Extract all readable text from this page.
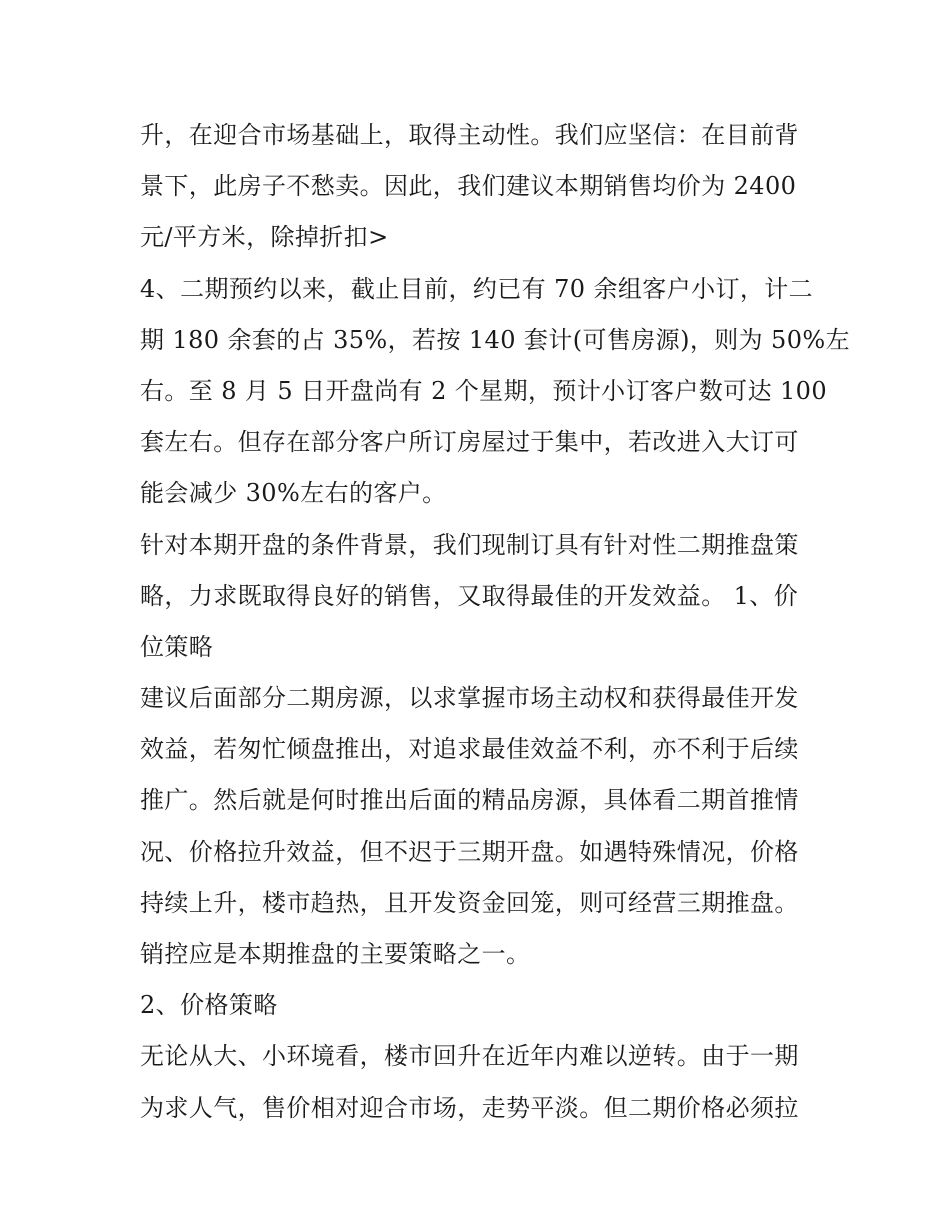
升，在迎合市场基础上，取得主动性。我们应坚信：在目前背
景下，此房子不愁卖。因此，我们建议本期销售均价为 2400
元/平方米，除掉折扣>
4、二期预约以来，截止目前，约已有 70 余组客户小订，计二
期 180 余套的占 35%，若按 140 套计(可售房源)，则为 50%左
右。至 8 月 5 日开盘尚有 2 个星期，预计小订客户数可达 100
套左右。但存在部分客户所订房屋过于集中，若改进入大订可
能会减少 30%左右的客户。
针对本期开盘的条件背景，我们现制订具有针对性二期推盘策
略，力求既取得良好的销售，又取得最佳的开发效益。 1、价
位策略
建议后面部分二期房源，以求掌握市场主动权和获得最佳开发
效益，若匆忙倾盘推出，对追求最佳效益不利，亦不利于后续
推广。然后就是何时推出后面的精品房源，具体看二期首推情
况、价格拉升效益，但不迟于三期开盘。如遇特殊情况，价格
持续上升，楼市趋热，且开发资金回笼，则可经营三期推盘。
销控应是本期推盘的主要策略之一。
2、价格策略
无论从大、小环境看，楼市回升在近年内难以逆转。由于一期
为求人气，售价相对迎合市场，走势平淡。但二期价格必须拉
